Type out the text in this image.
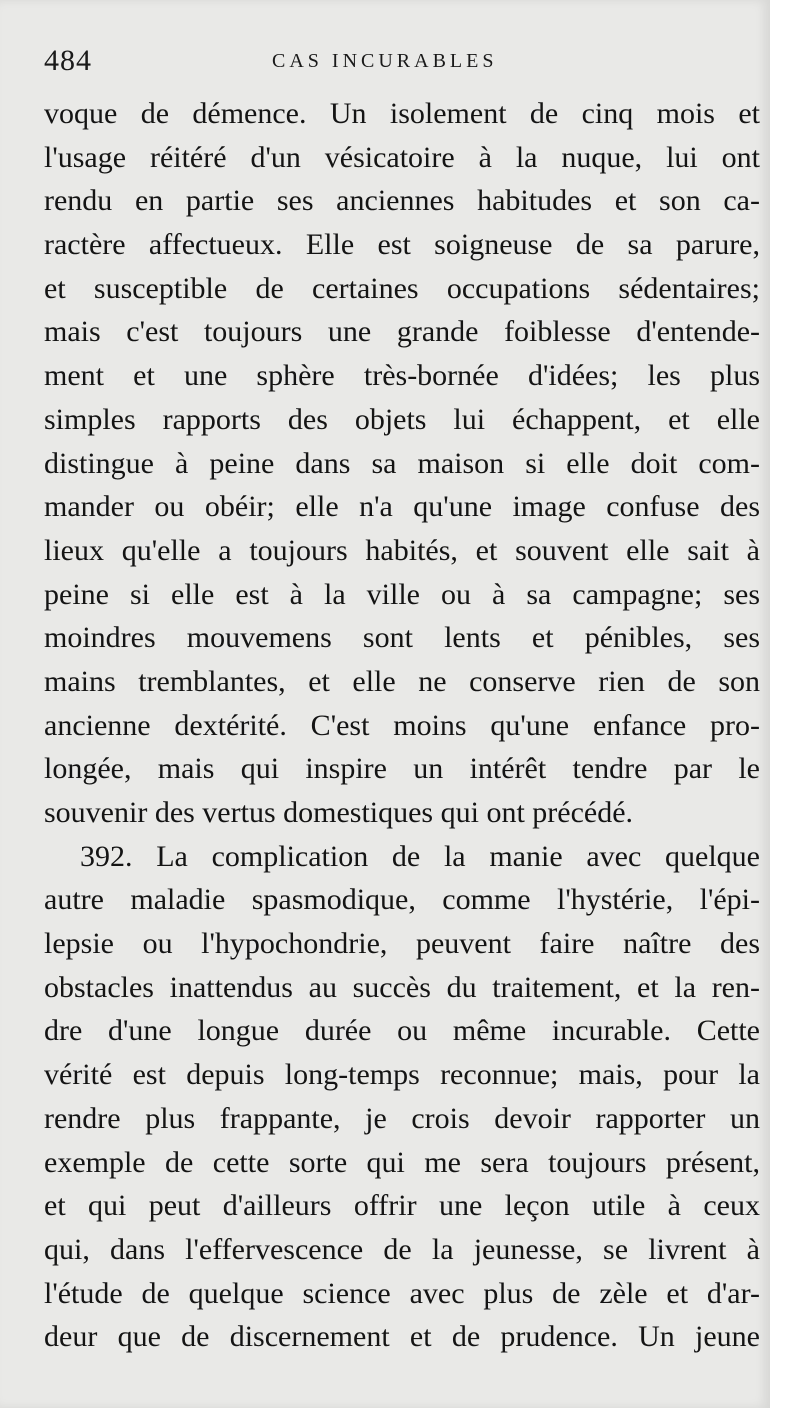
484	CAS INCURABLES
voque de démence. Un isolement de cinq mois et
l'usage réitéré d'un vésicatoire à la nuque, lui ont
rendu en partie ses anciennes habitudes et son ca-
ractère affectueux. Elle est soigneuse de sa parure,
et susceptible de certaines occupations sédentaires;
mais c'est toujours une grande foiblesse d'entende-
ment et une sphère très-bornée d'idées; les plus
simples rapports des objets lui échappent, et elle
distingue à peine dans sa maison si elle doit com-
mander ou obéir; elle n'a qu'une image confuse des
lieux qu'elle a toujours habités, et souvent elle sait à
peine si elle est à la ville ou à sa campagne; ses
moindres mouvemens sont lents et pénibles, ses
mains tremblantes, et elle ne conserve rien de son
ancienne dextérité. C'est moins qu'une enfance pro-
longée, mais qui inspire un intérêt tendre par le
souvenir des vertus domestiques qui ont précédé.
392. La complication de la manie avec quelque
autre maladie spasmodique, comme l'hystérie, l'épi-
lepsie ou l'hypochondrie, peuvent faire naître des
obstacles inattendus au succès du traitement, et la ren-
dre d'une longue durée ou même incurable. Cette
vérité est depuis long-temps reconnue; mais, pour la
rendre plus frappante, je crois devoir rapporter un
exemple de cette sorte qui me sera toujours présent,
et qui peut d'ailleurs offrir une leçon utile à ceux
qui, dans l'effervescence de la jeunesse, se livrent à
l'étude de quelque science avec plus de zèle et d'ar-
deur que de discernement et de prudence. Un jeune
